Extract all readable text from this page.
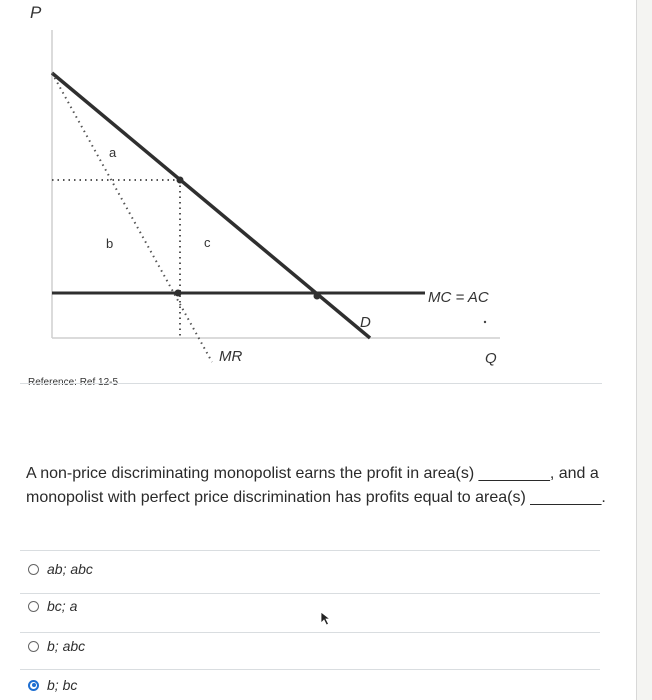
P
a
b	c
D
MR
MC = AC
Q
A non-price discriminating monopolist earns the profit in area(s) ________, and a monopolist with perfect price discrimination has profits equal to area(s) ________.
ab; abc
bc; a
b; abc
b; bc
